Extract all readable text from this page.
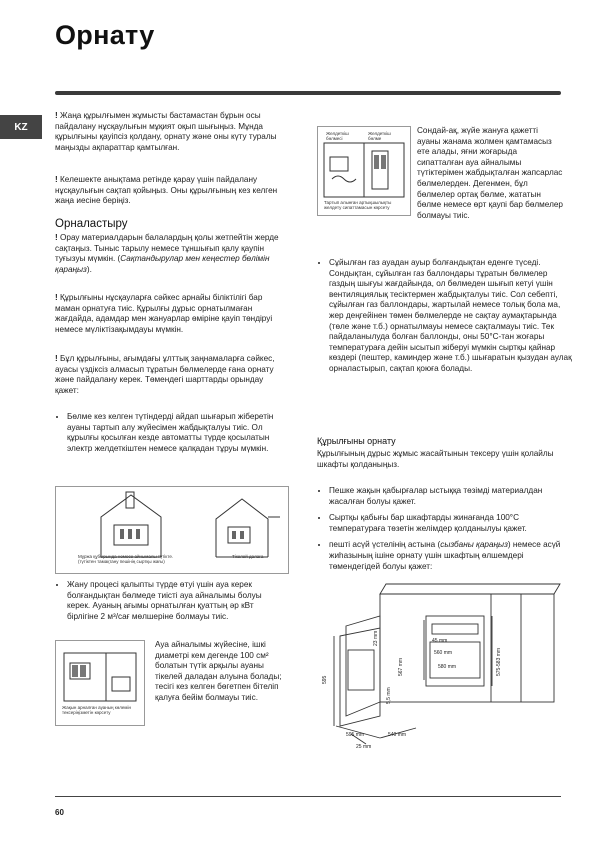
Орнату
KZ
! Жаңа құрылғымен жұмысты бастамастан бұрын осы пайдалану нұсқаулығын мұқият оқып шығыңыз. Мұнда құрылғыны қауіпсіз қолдану, орнату және оны күту туралы маңызды ақпараттар қамтылған.
! Келешекте анықтама ретінде қарау үшін пайдалану нұсқаулығын сақтап қойыңыз. Оны құрылғының кез келген жаңа иесіне беріңіз.
Орналастыру
! Орау материалдарын балалардың қолы жетпейтін жерде сақтаңыз. Тыныс тарылу немесе тұншығып қалу қаупін туғызуы мүмкін. (Сақтандырулар мен кеңестер бөлімін қараңыз).
! Құрылғыны нұсқауларға сәйкес арнайы біліктілігі бар маман орнатуға тиіс. Құрылғы дұрыс орнатылмаған жағдайда, адамдар мен жануарлар өміріне қауіп төндіруі немесе мүліктізақымдауы мүмкін.
! Бұл құрылғыны, ағымдағы ұлттық заңнамаларға сәйкес, ауасы үздіксіз алмасып тұратын бөлмелерде ғана орнату және пайдалану керек. Төмендегі шарттарды орындау қажет:
• Бөлме кез келген түтіндерді айдап шығарып жіберетін ауаны тартып алу жүйесімен жабдықталуы тиіс. Ол құрылғы қосылған кезде автоматты түрде қосылатын электр желдеткіштен немесе қалқадан тұруы мүмкін.
Мұржа құбырында немесе айнымалы түтікте. (түтіктен тамақтану пешінің сыртқы жағы)
Тікелей далаға
• Жану процесі қалыпты түрде өтуі үшін ауа керек болғандықтан бөлмеде тиісті ауа айналымы болуы керек. Ауаның ағымы орнатылған қуаттың әр кВт бірлігіне 2 м³/сағ мөлшеріне болмауы тиіс.
Жақын арналған ауаның көлемін тексеріңізметін көрсету
Ауа айналымы жүйесіне, ішкі диаметрі кем дегенде 100 см² болатын түтік арқылы ауаны тікелей даладан алуына болады; тесігі кез келген бөгетпен бітеліп қалуға бейім болмауы тиіс.
Желдеткіш бөлмесі
Желдеткіш бөлме
Тартып алынған артықшылықты желдету сипаттамасын көрсету
Сондай-ақ, жүйе жануға қажетті ауаны жанама жолмен қамтамасыз ете алады, яғни жоғарыда сипатталған ауа айналымы түтіктерімен жабдықталған жапсарлас бөлмелерден. Дегенмен, бұл бөлмелер ортақ бөлме, жататын бөлме немесе өрт қаупі бар бөлмелер болмауы тиіс.
• Сұйылған газ ауадан ауыр болғандықтан еденге түседі. Сондықтан, сұйылған газ баллондары тұратын бөлмелер газдың шығуы жағдайында, ол бөлмеден шығып кетуі үшін вентиляциялық тесіктермен жабдықталуы тиіс. Сол себепті, сұйылған газ баллондары, жартылай немесе толық бола ма, жер деңгейінен төмен бөлмелерде не сақтау аумақтарында (төле және т.б.) орнатылмауы немесе сақталмауы тиіс. Тек пайдаланылуда болған баллонды, оны 50°С-тан жоғары температураға дейін ысытып жіберуі мүмкін сыртқы қайнар көздері (пештер, каминдер және т.б.) шығаратын қызудан аулақ орналастырып, сақтап қоюға болады.
Құрылғыны орнату
Құрылғының дұрыс жұмыс жасайтынын тексеру үшін қолайлы шкафты қолданыңыз.
• Пешке жақын қабырғалар ыстыққа төзімді материалдан жасалған болуы қажет.
• Сыртқы қабығы бар шкафтарды жинағанда 100°С температураға төзетін желімдер қолданылуы қажет.
• пешті асүй үстелінің астына (сызбаны қараңыз) немесе асүй жиһазының ішіне орнату үшін шкафтың өлшемдері төмендегідей болуы қажет:
595
23 mm
567 mm
45 mm
560 mm
580 mm	575-583 mm
5,5 mm
595 mm	540 mm
25 mm
60
